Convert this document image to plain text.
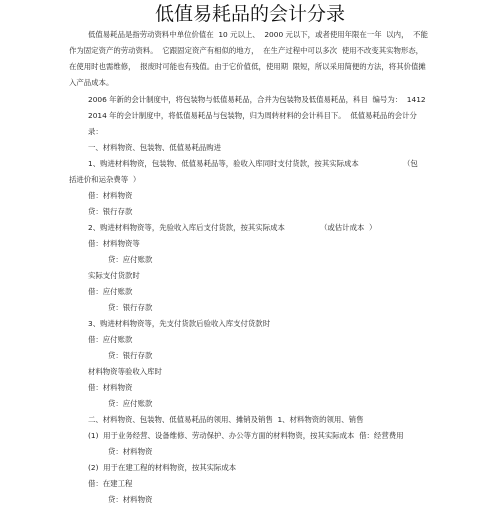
低值易耗品的会计分录
低值易耗品是指劳动资料中单位价值在  10 元以上、  2000 元以下，或者使用年限在一年  以内，  不能
作为固定资产的劳动资料。  它跟固定资产有相似的地方，  在生产过程中可以多次  使用不改变其实物形态，
在使用时也需维修，  报废时可能也有残值。由于它价值低，使用期  限短，所以采用简便的方法，将其价值摊
入产品成本。
2006 年新的会计制度中，将包装物与低值易耗品，合并为包装物及低值易耗品，科目  编号为：  1412
2014 年的会计制度中，将低值易耗品与包装物，归为周转材料的会计科目下。  低值易耗品的会计分
录：
一、材料物资、包装物、低值易耗品购进
1、购进材料物资，包装物、低值易耗品等，验收入库同时支付货款，按其实际成本	（包
括进价和运杂费等  ）
借：材料物资
贷：银行存款
2、购进材料物资等，先验收入库后支付货款，按其实际成本	（或估计成本  ）
借：材料物资等
贷：应付账款
实际支付货款时
借：应付账款
贷：银行存款
3、购进材料物资等，先支付货款后验收入库支付货款时
借：应付账款
贷：银行存款
材料物资等验收入库时
借：材料物资
贷：应付账款
二、材料物资、包装物、低值易耗品的领用、摊销及销售  1、材料物资的领用、销售
(1)  用于业务经营、设备维修、劳动保护、办公等方面的材料物资，按其实际成本  借：经营费用
贷：材料物资
(2)  用于在建工程的材料物资，按其实际成本
借：在建工程
贷：材料物资
